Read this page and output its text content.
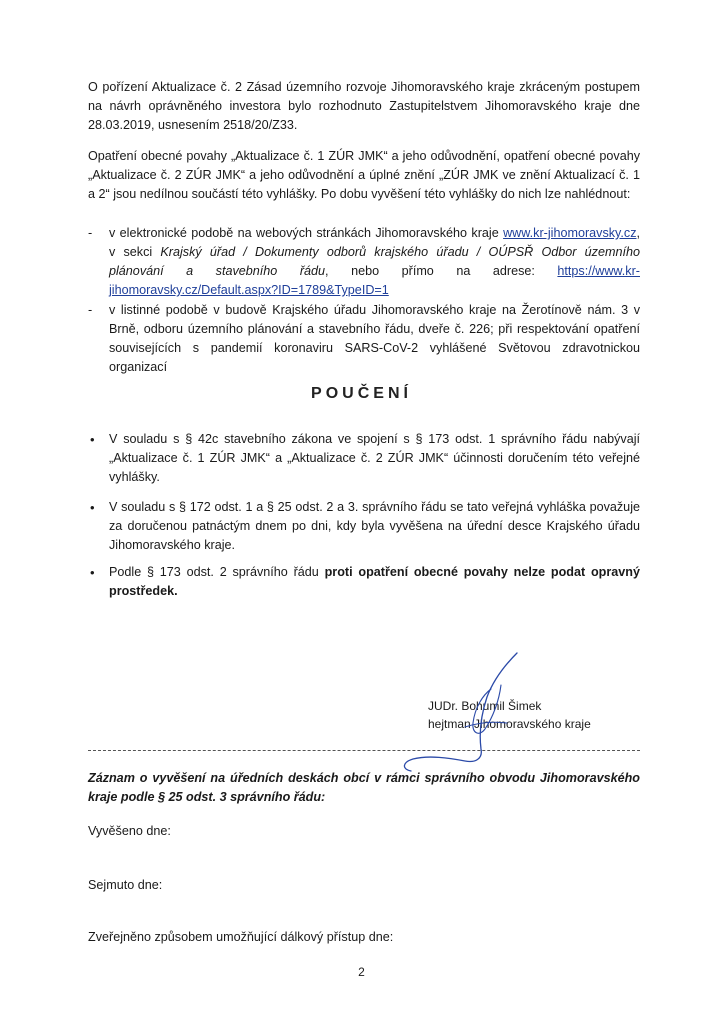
O pořízení Aktualizace č. 2 Zásad územního rozvoje Jihomoravského kraje zkráceným postupem na návrh oprávněného investora bylo rozhodnuto Zastupitelstvem Jihomoravského kraje dne 28.03.2019, usnesením 2518/20/Z33.

Opatření obecné povahy „Aktualizace č. 1 ZÚR JMK“ a jeho odůvodnění, opatření obecné povahy „Aktualizace č. 2 ZÚR JMK“ a jeho odůvodnění a úplné znění „ZÚR JMK ve znění Aktualizací č. 1 a 2“ jsou nedílnou součástí této vyhlášky. Po dobu vyvěšení této vyhlášky do nich lze nahlédnout:

- v elektronické podobě na webových stránkách Jihomoravského kraje www.kr-jihomoravsky.cz, v sekci Krajský úřad / Dokumenty odborů krajského úřadu / OÚPSŘ Odbor územního plánování a stavebního řádu, nebo přímo na adrese: https://www.kr-jihomoravsky.cz/Default.aspx?ID=1789&TypeID=1
- v listinné podobě v budově Krajského úřadu Jihomoravského kraje na Žerotínově nám. 3 v Brně, odboru územního plánování a stavebního řádu, dveře č. 226; při respektování opatření souvisejících s pandemií koronaviru SARS-CoV-2 vyhlášené Světovou zdravotnickou organizací
POUČENÍ
• V souladu s § 42c stavebního zákona ve spojení s § 173 odst. 1 správního řádu nabývají „Aktualizace č. 1 ZÚR JMK“ a „Aktualizace č. 2 ZÚR JMK“ účinnosti doručením této veřejné vyhlášky.
• V souladu s § 172 odst. 1 a § 25 odst. 2 a 3. správního řádu se tato veřejná vyhláška považuje za doručenou patnáctým dnem po dni, kdy byla vyvěšena na úřední desce Krajského úřadu Jihomoravského kraje.
• Podle § 173 odst. 2 správního řádu proti opatření obecné povahy nelze podat opravný prostředek.
JUDr. Bohumil Šimek
hejtman Jihomoravského kraje
Záznam o vyvěšení na úředních deskách obcí v rámci správního obvodu Jihomoravského kraje podle § 25 odst. 3 správního řádu:
Vyvěšeno dne:
Sejmuto dne:
Zveřejněno způsobem umožňující dálkový přístup dne:
2
